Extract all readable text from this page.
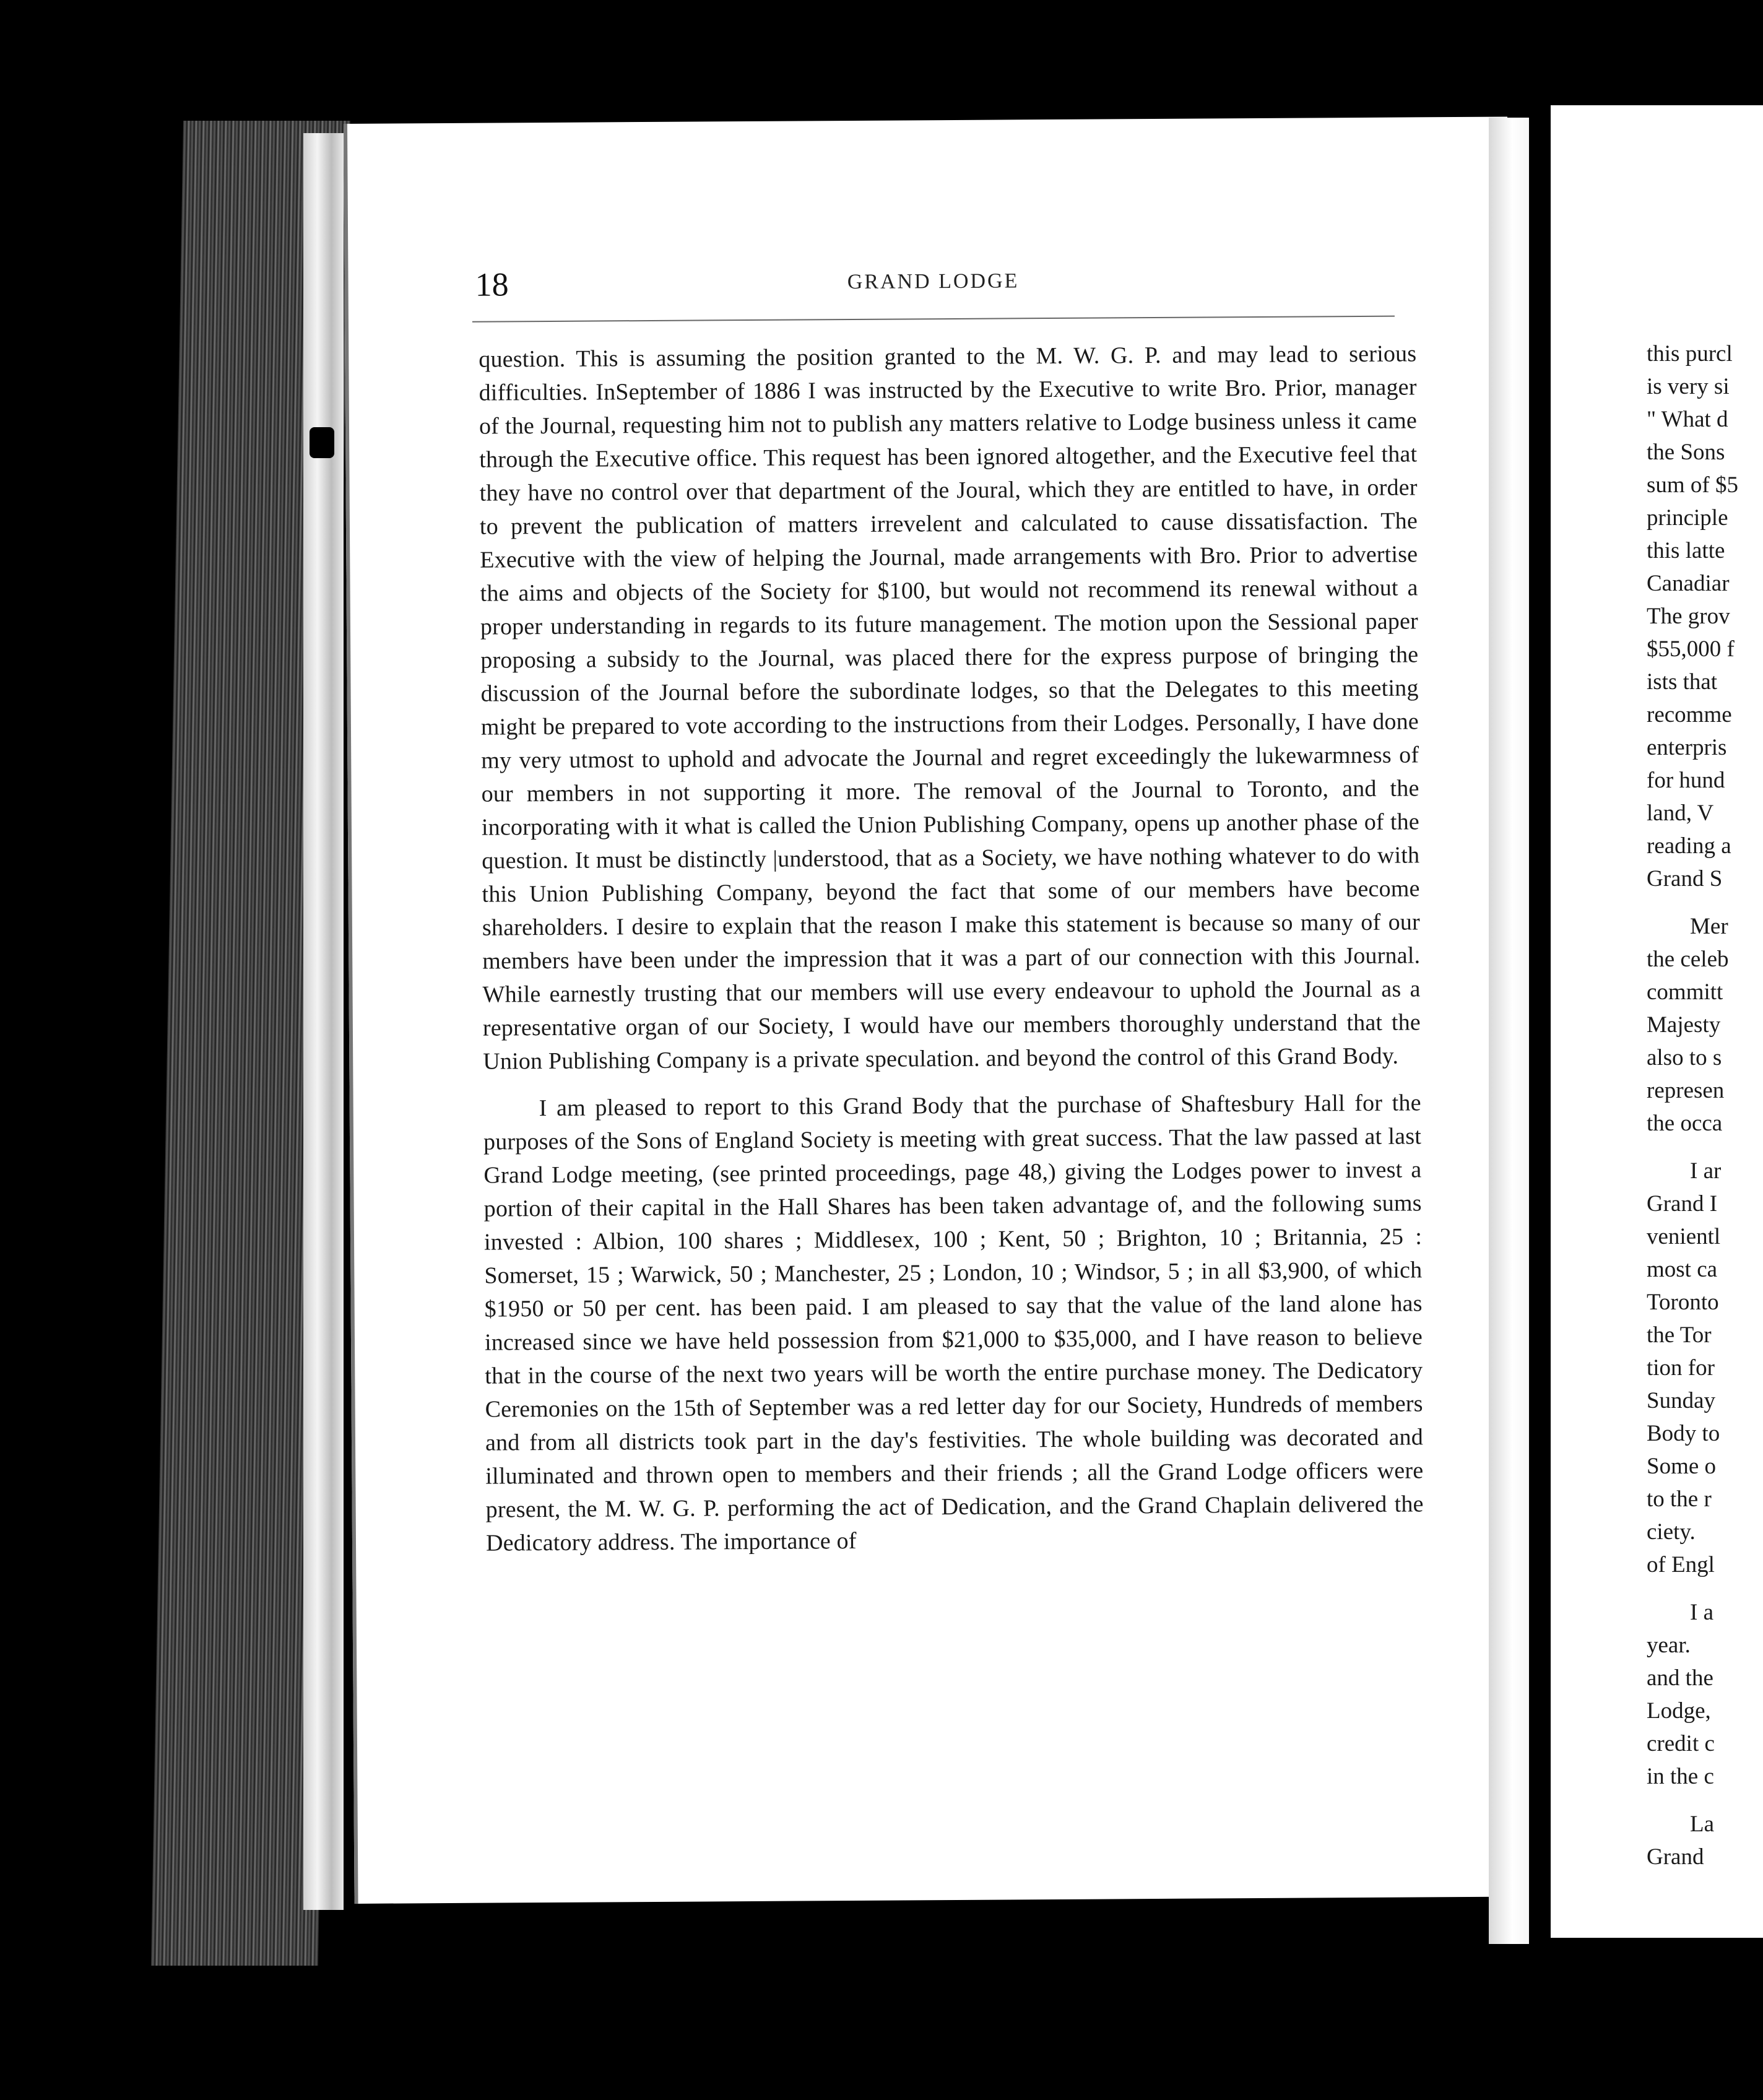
18	GRAND LODGE

question. This is assuming the position granted to the M. W. G. P. and may lead to serious difficulties. InSeptember of 1886 I was instructed by the Executive to write Bro. Prior, manager of the Journal, requesting him not to publish any matters relative to Lodge busіness unless it came through the Executive office. This request has been ignored altogether, and the Executive feel that they have no control over that department of the Joural, which they are entitled to have, in order to prevent the publication of matters irrevelent and calculated to cause dissatisfaction. The Executive with the view of helping the Journal, made arrangements with Bro. Prior to advertise the aims and objects of the Society for $100, but would not recommend its renewal without a proper understanding in regards to its future management. The motion upon the Sessional paper proposing a subsidy to the Journal, was placed there for the express purpose of bringing the discussion of the Journal before the subordinate lodges, so that the Delegates to this meeting might be prepared to vote according to the instructions from their Lodges. Personally, I have done my very utmost to uphold and advocate the Journal and regret exceedingly the lukewarmness of our members in not supporting it more. The removal of the Journal to Toronto, and the incorporating with it what is called the Union Publishing Company, opens up another phase of the question. It must be distinctly |understood, that as a Society, we have nothing whatever to do with this Union Publishing Company, beyond the fact that some of our members have become shareholders. I desire to explain that the reason I make this statement is because so many of our members have been under the impression that it was a part of our connection with this Journal. While earnestly trusting that our members will use every endeavour to uphold the Journal as a representative organ of our Society, I would have our members thoroughly understand that the Union Publishing Company is a private speculation. and beyond the control of this Grand Body.

I am pleased to report to this Grand Body that the purchase of Shaftesbury Hall for the purposes of the Sons of England Society is meeting with great success. That the law passed at last Grand Lodge meeting, (see printed proceedings, page 48,) giving the Lodges power to invest a portion of their capital in the Hall Shares has been taken advantage of, and the following sums invested : Albion, 100 shares ; Middlesex, 100 ; Kent, 50 ; Brighton, 10 ; Britannia, 25 : Somerset, 15 ; Warwick, 50 ; Manchester, 25 ; London, 10 ; Windsor, 5 ; in all $3,900, of which $1950 or 50 per cent. has been paid. I am pleased to say that the value of the land alone has increased since we have held possession from $21,000 to $35,000, and I have reason to believe that in the course of the next two years will be worth the entire purchase money. The Dedicatory Ceremonies on the 15th of September was a red letter day for our Society, Hundreds of members and from all districts took part in the day's festivities. The whole building was decorated and illuminated and thrown open to members and their friends ; all the Grand Lodge officers were present, the M. W. G. P. performing the act of Dedication, and the Grand Chaplain delivered the Dedicatory address. The importance of

this purcl
is very si
" What d
the Sons
sum of $5
principle
this latte
Canadiar
The grov
$55,000 f
ists that
recomme
enterpris
for hund
land, V
reading a
Grand S
Mer
the celeb
committ
Majesty
also to s
represen
the occa
I ar
Grand I
venientl
most ca
Toronto
the Tor
tion for
Sunday
Body to
Some o
to the r
ciety.
of Engl
I a
year.
and the
Lodge,
credit c
in the c
La
Grand
